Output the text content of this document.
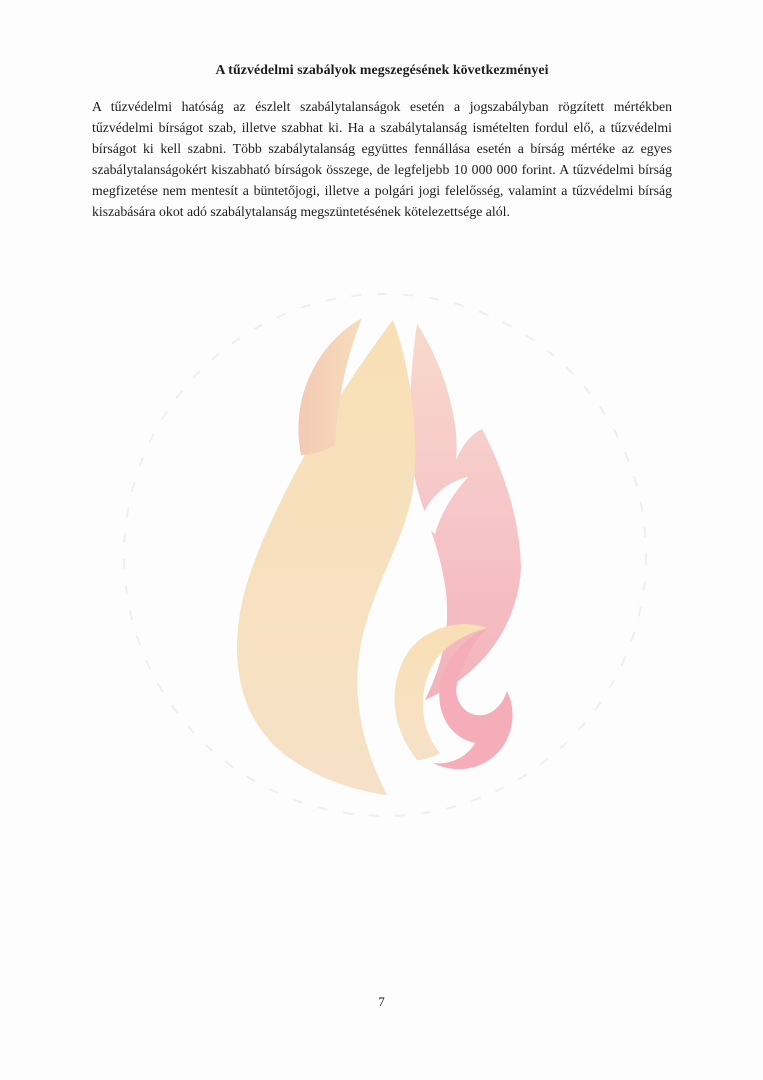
A tűzvédelmi szabályok megszegésének következményei
A tűzvédelmi hatóság az észlelt szabálytalanságok esetén a jogszabályban rögzített mértékben tűzvédelmi bírságot szab, illetve szabhat ki. Ha a szabálytalanság ismételten fordul elő, a tűzvédelmi bírságot ki kell szabni. Több szabálytalanság együttes fennállása esetén a bírság mértéke az egyes szabálytalanságokért kiszabható bírságok összege, de legfeljebb 10 000 000 forint. A tűzvédelmi bírság megfizetése nem mentesít a büntetőjogi, illetve a polgári jogi felelősség, valamint a tűzvédelmi bírság kiszabására okot adó szabálytalanság megszüntetésének kötelezettsége alól.
7
